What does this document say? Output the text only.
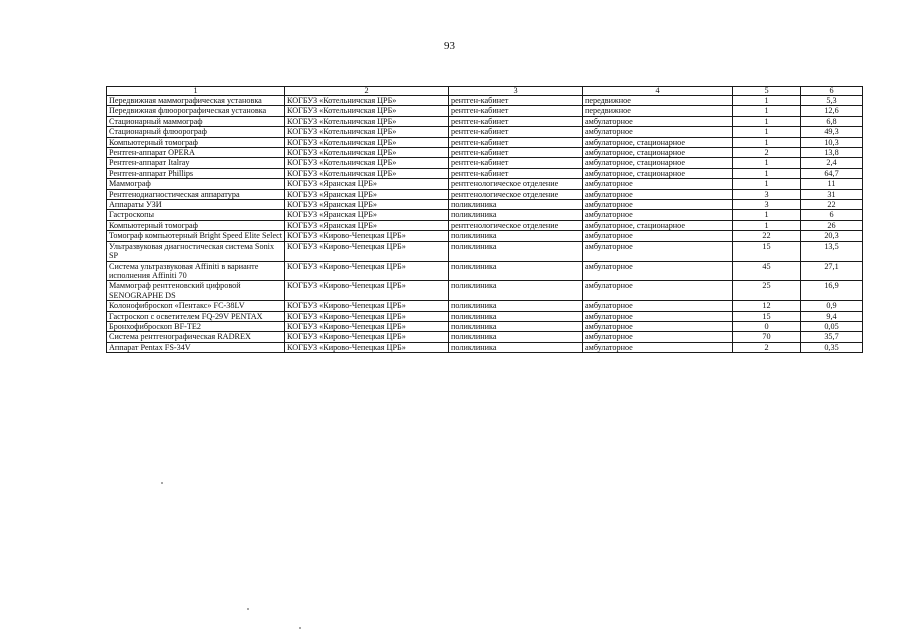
93
1	2	3	4	5	6
Передвижная маммографическая установка	КОГБУЗ «Котельничская ЦРБ»	рентген-кабинет	передвижное	1	5,3
Передвижная флюорографическая установка	КОГБУЗ «Котельничская ЦРБ»	рентген-кабинет	передвижное	1	12,6
Стационарный маммограф	КОГБУЗ «Котельничская ЦРБ»	рентген-кабинет	амбулаторное	1	6,8
Стационарный флюорограф	КОГБУЗ «Котельничская ЦРБ»	рентген-кабинет	амбулаторное	1	49,3
Компьютерный томограф	КОГБУЗ «Котельничская ЦРБ»	рентген-кабинет	амбулаторное, стационарное	1	10,3
Рентген-аппарат OPERA	КОГБУЗ «Котельничская ЦРБ»	рентген-кабинет	амбулаторное, стационарное	2	13,8
Рентген-аппарат Italray	КОГБУЗ «Котельничская ЦРБ»	рентген-кабинет	амбулаторное, стационарное	1	2,4
Рентген-аппарат Phillips	КОГБУЗ «Котельничская ЦРБ»	рентген-кабинет	амбулаторное, стационарное	1	64,7
Маммограф	КОГБУЗ «Яранская ЦРБ»	рентгенологическое отделение	амбулаторное	1	11
Рентгенодиагностическая аппаратура	КОГБУЗ «Яранская ЦРБ»	рентгенологическое отделение	амбулаторное	3	31
Аппараты УЗИ	КОГБУЗ «Яранская ЦРБ»	поликлиника	амбулаторное	3	22
Гастроскопы	КОГБУЗ «Яранская ЦРБ»	поликлиника	амбулаторное	1	6
Компьютерный томограф	КОГБУЗ «Яранская ЦРБ»	рентгенологическое отделение	амбулаторное, стационарное	1	26
Томограф компьютерный Bright Speed Elite Select	КОГБУЗ «Кирово-Чепецкая ЦРБ»	поликлиника	амбулаторное	22	20,3
Ультразвуковая диагностическая система Sonix SP	КОГБУЗ «Кирово-Чепецкая ЦРБ»	поликлиника	амбулаторное	15	13,5
Система ультразвуковая Affiniti в варианте исполнения Affiniti 70	КОГБУЗ «Кирово-Чепецкая ЦРБ»	поликлиника	амбулаторное	45	27,1
Маммограф рентгеновский цифровой SENOGRAPHE DS	КОГБУЗ «Кирово-Чепецкая ЦРБ»	поликлиника	амбулаторное	25	16,9
Колонофиброскоп «Пентакс» FC-38LV	КОГБУЗ «Кирово-Чепецкая ЦРБ»	поликлиника	амбулаторное	12	0,9
Гастроскоп с осветителем FQ-29V PENTAX	КОГБУЗ «Кирово-Чепецкая ЦРБ»	поликлиника	амбулаторное	15	9,4
Бронхофиброскоп BF-TE2	КОГБУЗ «Кирово-Чепецкая ЦРБ»	поликлиника	амбулаторное	0	0,05
Система рентгенографическая RADREX	КОГБУЗ «Кирово-Чепецкая ЦРБ»	поликлиника	амбулаторное	70	35,7
Аппарат Pentax FS-34V	КОГБУЗ «Кирово-Чепецкая ЦРБ»	поликлиника	амбулаторное	2	0,35
